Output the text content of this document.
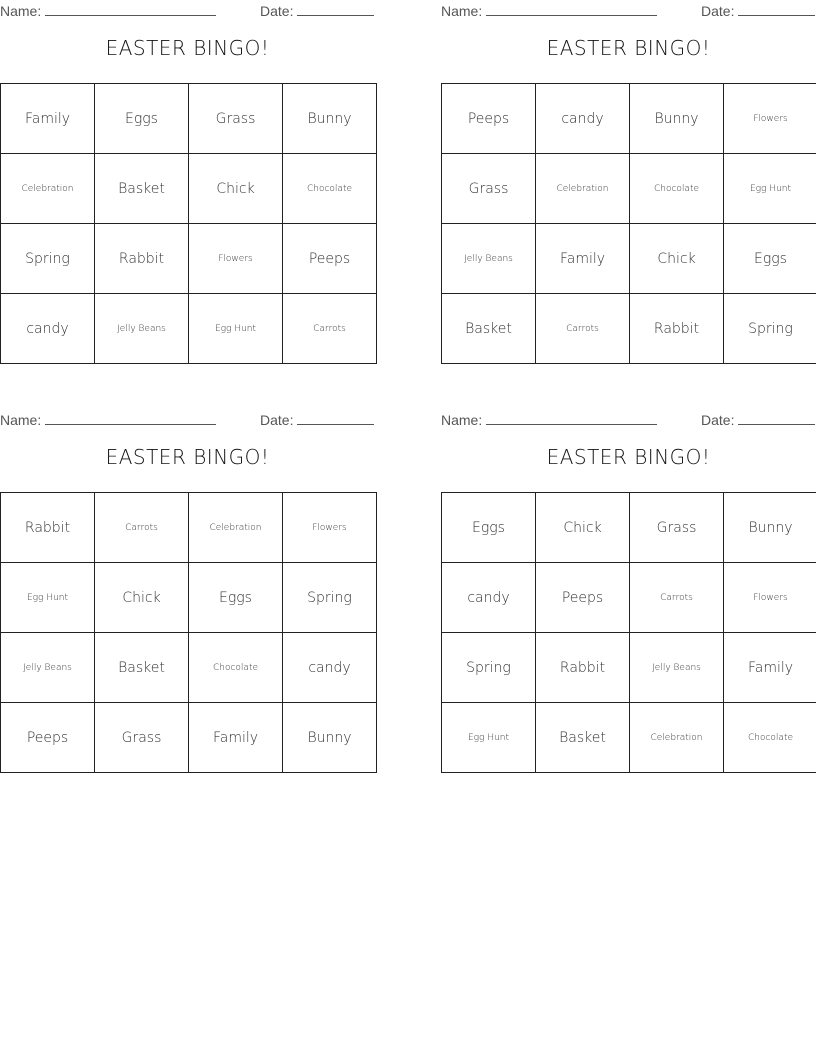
Name:	Date:
EASTER BINGO!
Family	Eggs	Grass	Bunny
Celebration	Basket	Chick	Chocolate
Spring	Rabbit	Flowers	Peeps
candy	Jelly Beans	Egg Hunt	Carrots
Name:	Date:
EASTER BINGO!
Peeps	candy	Bunny	Flowers
Grass	Celebration	Chocolate	Egg Hunt
Jelly Beans	Family	Chick	Eggs
Basket	Carrots	Rabbit	Spring
Name:	Date:
EASTER BINGO!
Rabbit	Carrots	Celebration	Flowers
Egg Hunt	Chick	Eggs	Spring
Jelly Beans	Basket	Chocolate	candy
Peeps	Grass	Family	Bunny
Name:	Date:
EASTER BINGO!
Eggs	Chick	Grass	Bunny
candy	Peeps	Carrots	Flowers
Spring	Rabbit	Jelly Beans	Family
Egg Hunt	Basket	Celebration	Chocolate
